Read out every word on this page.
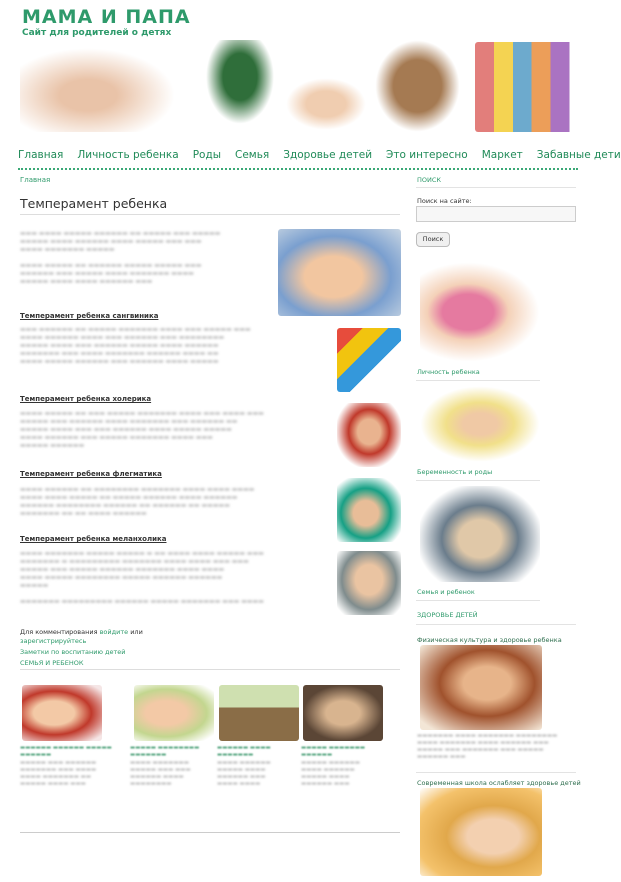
МАМА И ПАПА
Сайт для родителей о детях
Главная Личность ребенка Роды Семья Здоровье детей Это интересно Маркет Забавные дети
Главная
Темперамент ребенка
▬▬▬ ▬▬▬▬ ▬▬▬▬▬ ▬▬▬▬▬▬ ▬▬ ▬▬▬▬▬ ▬▬▬ ▬▬▬▬▬
▬▬▬▬▬ ▬▬▬▬ ▬▬▬▬▬▬ ▬▬▬▬ ▬▬▬▬▬ ▬▬▬ ▬▬▬
▬▬▬▬ ▬▬▬▬▬▬▬ ▬▬▬▬▬

▬▬▬▬ ▬▬▬▬▬ ▬▬ ▬▬▬▬▬▬ ▬▬▬▬▬ ▬▬▬▬▬ ▬▬▬
▬▬▬▬▬▬ ▬▬▬ ▬▬▬▬▬ ▬▬▬▬ ▬▬▬▬▬▬▬ ▬▬▬▬
▬▬▬▬▬ ▬▬▬▬ ▬▬▬▬ ▬▬▬▬▬▬ ▬▬▬
Темперамент ребенка сангвиника
▬▬▬ ▬▬▬▬▬▬ ▬▬ ▬▬▬▬▬ ▬▬▬▬▬▬▬ ▬▬▬▬ ▬▬▬ ▬▬▬▬▬ ▬▬▬
▬▬▬▬ ▬▬▬▬▬▬ ▬▬▬▬ ▬▬▬ ▬▬▬▬▬▬ ▬▬▬ ▬▬▬▬▬▬▬▬
▬▬▬▬▬ ▬▬▬▬ ▬▬▬ ▬▬▬▬▬▬ ▬▬▬▬▬ ▬▬▬▬ ▬▬▬▬▬▬
▬▬▬▬▬▬▬ ▬▬▬ ▬▬▬▬ ▬▬▬▬▬▬▬ ▬▬▬▬▬▬ ▬▬▬▬ ▬▬
▬▬▬▬ ▬▬▬▬▬ ▬▬▬▬▬▬ ▬▬▬ ▬▬▬▬▬▬ ▬▬▬▬ ▬▬▬▬▬
Темперамент ребенка холерика
▬▬▬▬ ▬▬▬▬▬ ▬▬ ▬▬▬ ▬▬▬▬▬ ▬▬▬▬▬▬▬ ▬▬▬▬ ▬▬▬ ▬▬▬▬ ▬▬▬
▬▬▬▬▬ ▬▬▬ ▬▬▬▬▬▬ ▬▬▬▬ ▬▬▬▬▬▬▬ ▬▬▬ ▬▬▬▬▬▬ ▬▬
▬▬▬▬▬ ▬▬▬▬ ▬▬▬ ▬▬▬ ▬▬▬▬▬▬ ▬▬▬▬ ▬▬▬▬▬ ▬▬▬▬▬
▬▬▬▬ ▬▬▬▬▬▬ ▬▬▬ ▬▬▬▬▬ ▬▬▬▬▬▬▬ ▬▬▬▬ ▬▬▬
▬▬▬▬▬ ▬▬▬▬▬▬
Темперамент ребенка флегматика
▬▬▬▬ ▬▬▬▬▬▬ ▬▬ ▬▬▬▬▬▬▬▬ ▬▬▬▬▬▬▬ ▬▬▬▬ ▬▬▬▬ ▬▬▬▬
▬▬▬▬ ▬▬▬▬ ▬▬▬▬▬ ▬▬ ▬▬▬▬▬ ▬▬▬▬▬▬ ▬▬▬▬ ▬▬▬▬▬▬
▬▬▬▬▬▬ ▬▬▬▬▬▬▬▬ ▬▬▬▬▬▬ ▬▬ ▬▬▬▬▬▬ ▬▬ ▬▬▬▬▬
▬▬▬▬▬▬▬ ▬▬ ▬▬ ▬▬▬▬ ▬▬▬▬▬▬
Темперамент ребенка меланхолика
▬▬▬▬ ▬▬▬▬▬▬▬ ▬▬▬▬▬ ▬▬▬▬▬ ▬ ▬▬ ▬▬▬▬ ▬▬▬▬ ▬▬▬▬▬ ▬▬▬
▬▬▬▬▬▬▬ ▬ ▬▬▬▬▬▬▬▬▬ ▬▬▬▬▬▬▬ ▬▬▬▬ ▬▬▬▬ ▬▬▬ ▬▬▬
▬▬▬▬▬ ▬▬▬ ▬▬▬▬▬ ▬▬▬▬▬▬ ▬▬▬▬▬▬▬ ▬▬▬▬ ▬▬▬▬
▬▬▬▬ ▬▬▬▬▬ ▬▬▬▬▬▬▬▬ ▬▬▬▬▬ ▬▬▬▬▬▬ ▬▬▬▬▬▬
▬▬▬▬▬

▬▬▬▬▬▬▬ ▬▬▬▬▬▬▬▬▬ ▬▬▬▬▬▬ ▬▬▬▬▬ ▬▬▬▬▬▬▬ ▬▬▬ ▬▬▬▬
Для комментирования войдите или
зарегистрируйтесь
Заметки по воспитанию детей
СЕМЬЯ И РЕБЕНОК
▬▬▬▬▬▬ ▬▬▬▬▬▬ ▬▬▬▬▬
▬▬▬▬▬▬
▬▬▬▬▬ ▬▬▬ ▬▬▬▬▬▬
▬▬▬▬▬▬▬ ▬▬▬ ▬▬▬▬
▬▬▬▬ ▬▬▬▬▬▬▬ ▬▬
▬▬▬▬▬ ▬▬▬▬ ▬▬▬
▬▬▬▬▬ ▬▬▬▬▬▬▬▬
▬▬▬▬▬▬▬
▬▬▬▬ ▬▬▬▬▬▬▬
▬▬▬▬▬ ▬▬▬ ▬▬▬
▬▬▬▬▬▬ ▬▬▬▬
▬▬▬▬▬▬▬▬
▬▬▬▬▬▬ ▬▬▬▬
▬▬▬▬▬▬▬
▬▬▬▬ ▬▬▬▬▬▬
▬▬▬▬▬ ▬▬▬▬
▬▬▬▬▬▬ ▬▬▬
▬▬▬▬ ▬▬▬▬
▬▬▬▬▬ ▬▬▬▬▬▬▬
▬▬▬▬▬▬
▬▬▬▬▬ ▬▬▬▬▬▬
▬▬▬▬ ▬▬▬▬▬▬
▬▬▬▬▬ ▬▬▬▬
▬▬▬▬▬▬ ▬▬▬
ПОИСК
Поиск на сайте:
Поиск
Личность ребенка
Беременность и роды
Семья и ребенок
ЗДОРОВЬЕ ДЕТЕЙ
Физическая культура и здоровье ребенка
▬▬▬▬▬▬▬ ▬▬▬▬ ▬▬▬▬▬▬▬ ▬▬▬▬▬▬▬▬
▬▬▬▬ ▬▬▬▬▬▬▬ ▬▬▬▬ ▬▬▬▬▬▬ ▬▬▬
▬▬▬▬▬ ▬▬▬ ▬▬▬▬▬▬▬ ▬▬▬ ▬▬▬▬▬
▬▬▬▬▬▬ ▬▬▬
Современная школа ослабляет здоровье детей
